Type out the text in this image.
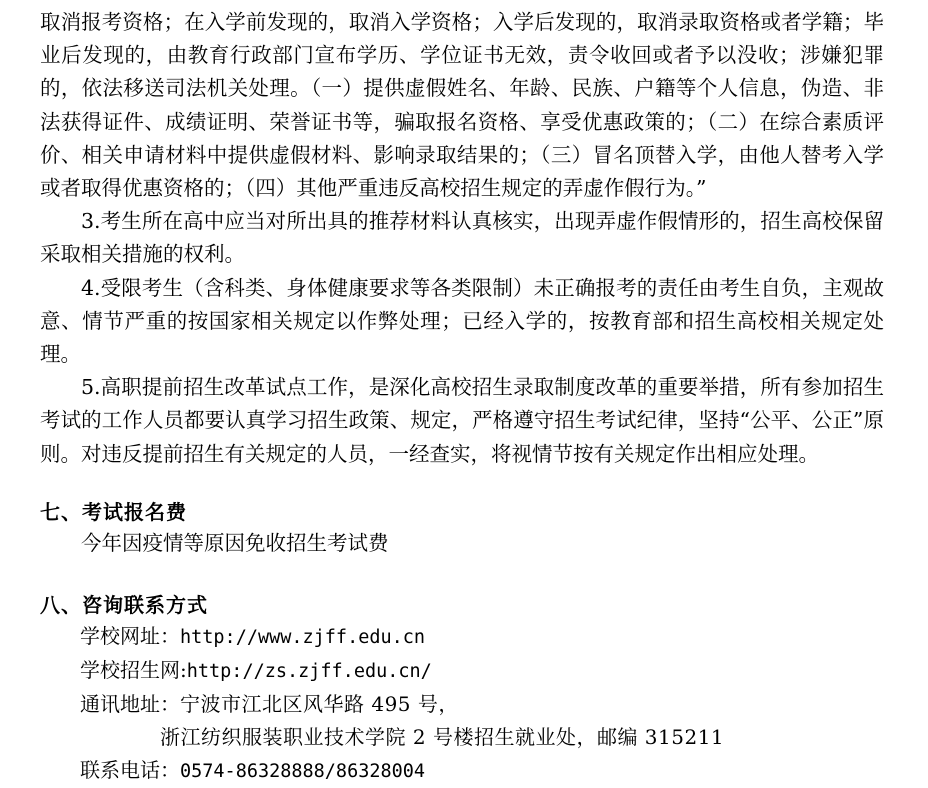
取消报考资格；在入学前发现的，取消入学资格；入学后发现的，取消录取资格或者学籍；毕业后发现的，由教育行政部门宣布学历、学位证书无效，责令收回或者予以没收；涉嫌犯罪的，依法移送司法机关处理。（一）提供虚假姓名、年龄、民族、户籍等个人信息，伪造、非法获得证件、成绩证明、荣誉证书等，骗取报名资格、享受优惠政策的；（二）在综合素质评价、相关申请材料中提供虚假材料、影响录取结果的；（三）冒名顶替入学，由他人替考入学或者取得优惠资格的；（四）其他严重违反高校招生规定的弄虚作假行为。”

3.考生所在高中应当对所出具的推荐材料认真核实，出现弄虚作假情形的，招生高校保留采取相关措施的权利。

4.受限考生（含科类、身体健康要求等各类限制）未正确报考的责任由考生自负，主观故意、情节严重的按国家相关规定以作弊处理；已经入学的，按教育部和招生高校相关规定处理。

5.高职提前招生改革试点工作，是深化高校招生录取制度改革的重要举措，所有参加招生考试的工作人员都要认真学习招生政策、规定，严格遵守招生考试纪律，坚持“公平、公正”原则。对违反提前招生有关规定的人员，一经查实，将视情节按有关规定作出相应处理。

七、考试报名费

今年因疫情等原因免收招生考试费

八、咨询联系方式

学校网址：http://www.zjff.edu.cn

学校招生网:http://zs.zjff.edu.cn/

通讯地址：宁波市江北区风华路 495 号，

浙江纺织服装职业技术学院 2 号楼招生就业处，邮编 315211

联系电话：0574-86328888/86328004
